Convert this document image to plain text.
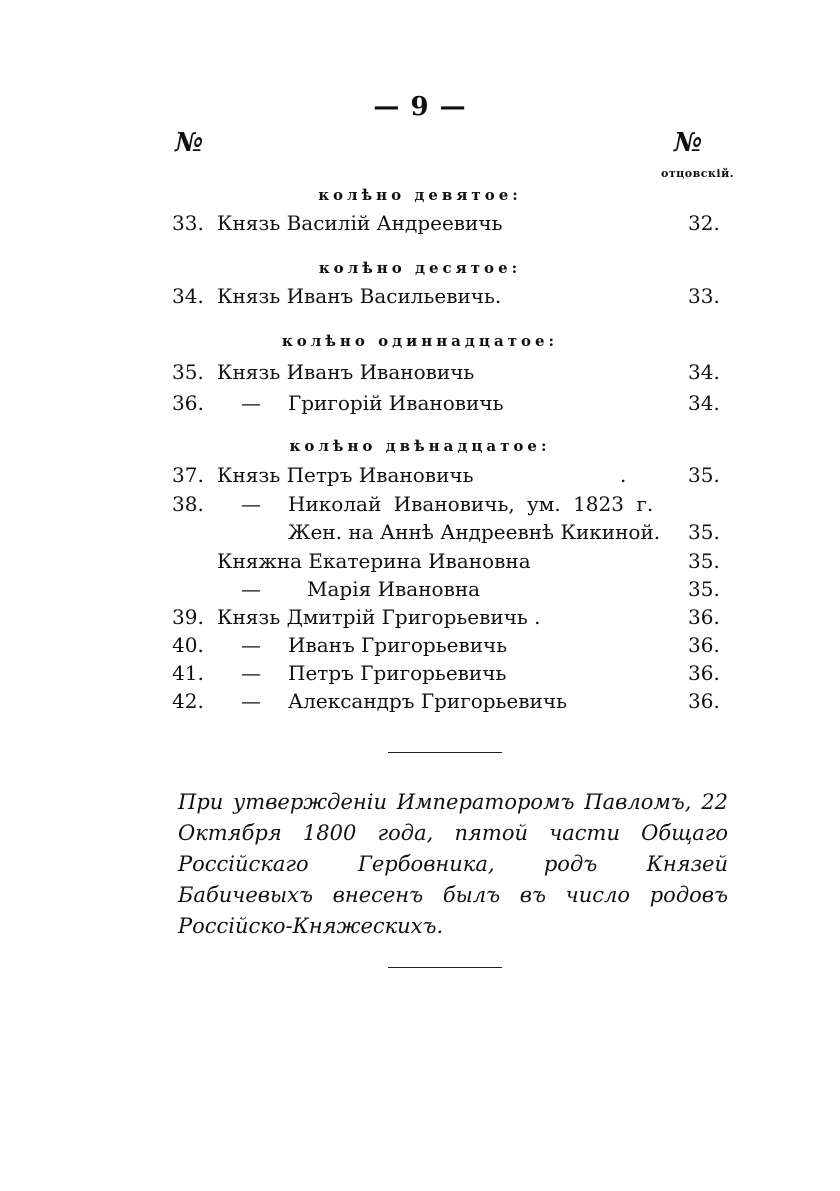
— 9 —
№	№
отцовскій.
колѣно девятое:
33. Князь Василій Андреевичь	32.
колѣно десятое:
34. Князь Иванъ Васильевичь.	33.
колѣно одиннадцатое:
35. Князь Иванъ Ивановичь	34.
36. — Григорій Ивановичь	34.
колѣно двѣнадцатое:
37. Князь Петръ Ивановичь	.	35.
38. — Николай Ивановичь, ум. 1823 г.
Жен. на Аннѣ Андреевнѣ Кикиной. 35.
Княжна Екатерина Ивановна	35.
— Марія Ивановна	35.
39. Князь Дмитрій Григорьевичь .	36.
40. — Иванъ Григорьевичь	36.
41. — Петръ Григорьевичь	36.
42. — Александръ Григорьевичь	36.
При утвержденіи Императоромъ Павломъ, 22 Октября 1800 года, пятой части Общаго Россійскаго Гербовника, родъ Князей Бабичевыхъ внесенъ былъ въ число родовъ Россійско-Княжескихъ.
